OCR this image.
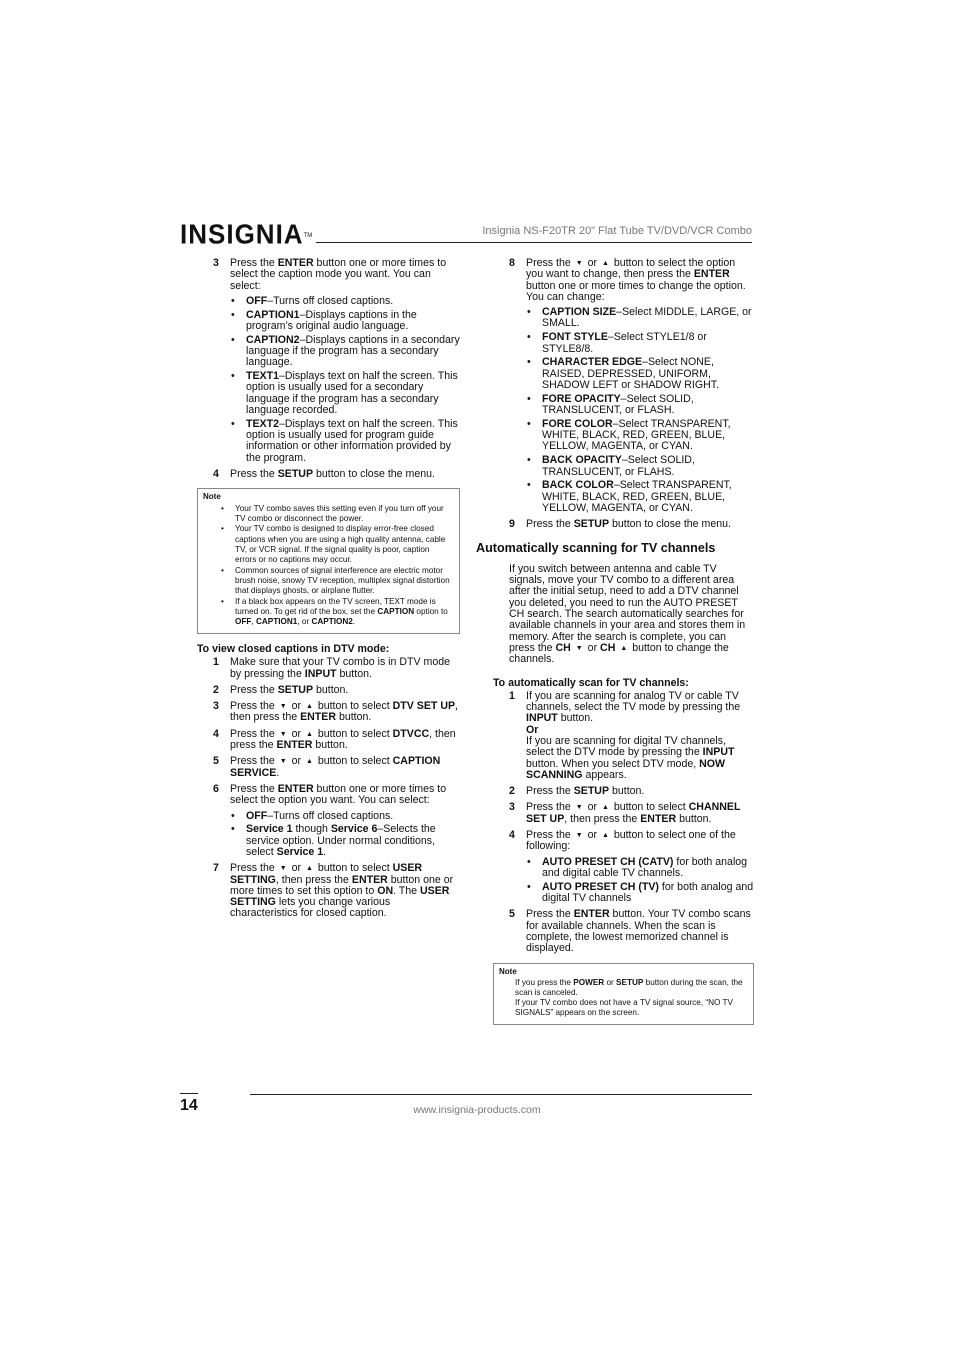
INSIGNIA™	Insignia NS-F20TR 20" Flat Tube TV/DVD/VCR Combo
3	Press the ENTER button one or more times to select the caption mode you want. You can select:

• OFF–Turns off closed captions.
• CAPTION1–Displays captions in the program’s original audio language.
• CAPTION2–Displays captions in a secondary language if the program has a secondary language.
• TEXT1–Displays text on half the screen. This option is usually used for a secondary language if the program has a secondary language recorded.
• TEXT2–Displays text on half the screen. This option is usually used for program guide information or other information provided by the program.
4	Press the SETUP button to close the menu.

Note
• Your TV combo saves this setting even if you turn off your TV combo or disconnect the power.
• Your TV combo is designed to display error-free closed captions when you are using a high quality antenna, cable TV, or VCR signal. If the signal quality is poor, caption errors or no captions may occur.
• Common sources of signal interference are electric motor brush noise, snowy TV reception, multiplex signal distortion that displays ghosts, or airplane flutter.
• If a black box appears on the TV screen, TEXT mode is turned on. To get rid of the box, set the CAPTION option to OFF, CAPTION1, or CAPTION2.
To view closed captions in DTV mode:
1	Make sure that your TV combo is in DTV mode by pressing the INPUT button.

2	Press the SETUP button.

3	Press the ▼ or ▲ button to select DTV SET UP, then press the ENTER button.

4	Press the ▼ or ▲ button to select DTVCC, then press the ENTER button.

5	Press the ▼ or ▲ button to select CAPTION SERVICE.

6	Press the ENTER button one or more times to select the option you want. You can select:

• OFF–Turns off closed captions.
• Service 1 though Service 6–Selects the service option. Under normal conditions, select Service 1.
7	Press the ▼ or ▲ button to select USER SETTING, then press the ENTER button one or more times to set this option to ON. The USER SETTING lets you change various characteristics for closed caption.

8	Press the ▼ or ▲ button to select the option you want to change, then press the ENTER button one or more times to change the option. You can change:

• CAPTION SIZE–Select MIDDLE, LARGE, or SMALL.
• FONT STYLE–Select STYLE1/8 or STYLE8/8.
• CHARACTER EDGE–Select NONE, RAISED, DEPRESSED, UNIFORM, SHADOW LEFT or SHADOW RIGHT.
• FORE OPACITY–Select SOLID, TRANSLUCENT, or FLASH.
• FORE COLOR–Select TRANSPARENT, WHITE, BLACK, RED, GREEN, BLUE, YELLOW, MAGENTA, or CYAN.
• BACK OPACITY–Select SOLID, TRANSLUCENT, or FLAHS.
• BACK COLOR–Select TRANSPARENT, WHITE, BLACK, RED, GREEN, BLUE, YELLOW, MAGENTA, or CYAN.
9	Press the SETUP button to close the menu.

Automatically scanning for TV channels

If you switch between antenna and cable TV signals, move your TV combo to a different area after the initial setup, need to add a DTV channel you deleted, you need to run the AUTO PRESET CH search. The search automatically searches for available channels in your area and stores them in memory. After the search is complete, you can press the CH ▼ or CH ▲ button to change the channels.

To automatically scan for TV channels:
1	If you are scanning for analog TV or cable TV channels, select the TV mode by pressing the INPUT button.

Or

If you are scanning for digital TV channels, select the DTV mode by pressing the INPUT button. When you select DTV mode, NOW SCANNING appears.

2	Press the SETUP button.

3	Press the ▼ or ▲ button to select CHANNEL SET UP, then press the ENTER button.

4	Press the ▼ or ▲ button to select one of the following:

• AUTO PRESET CH (CATV) for both analog and digital cable TV channels.
• AUTO PRESET CH (TV) for both analog and digital TV channels
5	Press the ENTER button. Your TV combo scans for available channels. When the scan is complete, the lowest memorized channel is displayed.

Note
If you press the POWER or SETUP button during the scan, the scan is canceled.
If your TV combo does not have a TV signal source, “NO TV SIGNALS” appears on the screen.
14	www.insignia-products.com
